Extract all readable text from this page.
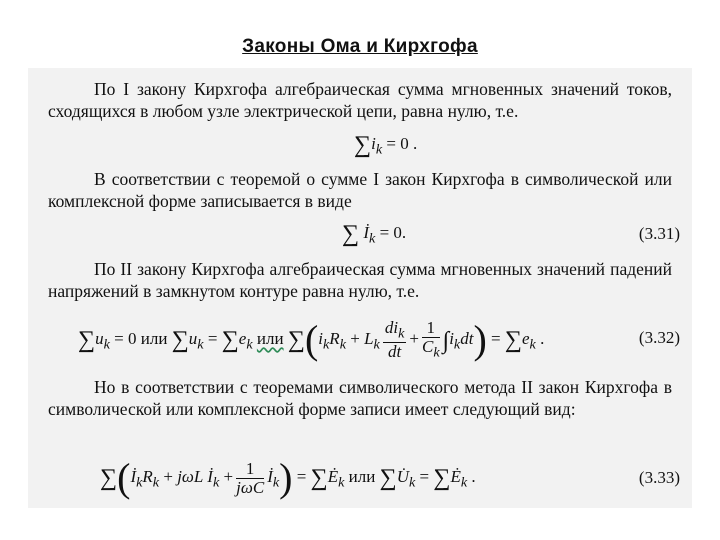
Законы Ома и Кирхгофа
По I закону Кирхгофа алгебраическая сумма мгновенных значений токов, сходящихся в любом узле электрической цепи, равна нулю, т.е.
$\sum i_k = 0$ .
В соответствии с теоремой о сумме I закон Кирхгофа в символической или комплексной форме записывается в виде
∑ $İ_k = 0$.	(3.31)
По II закону Кирхгофа алгебраическая сумма мгновенных значений падений напряжений в замкнутом контуре равна нулю, т.е.
$\sum u_k = 0$ или $\sum u_k = \sum e_k$ или $\sum(i_kR_k + L_k \frac{di_k}{dt} + \frac{1}{C_k} \int i_kdt) = \sum e_k$ .	(3.32)
Но в соответствии с теоремами символического метода II закон Кирхгофа в символической или комплексной форме записи имеет следующий вид:
$\sum(İ_kR_k + j\omega L$ $İ_k + \frac{1}{\text{jωC}}$ $İ_k$) = $\sum Ė_k$ или $\sum U̇_k$ = $\sum Ė_k$ .	(3.33)
